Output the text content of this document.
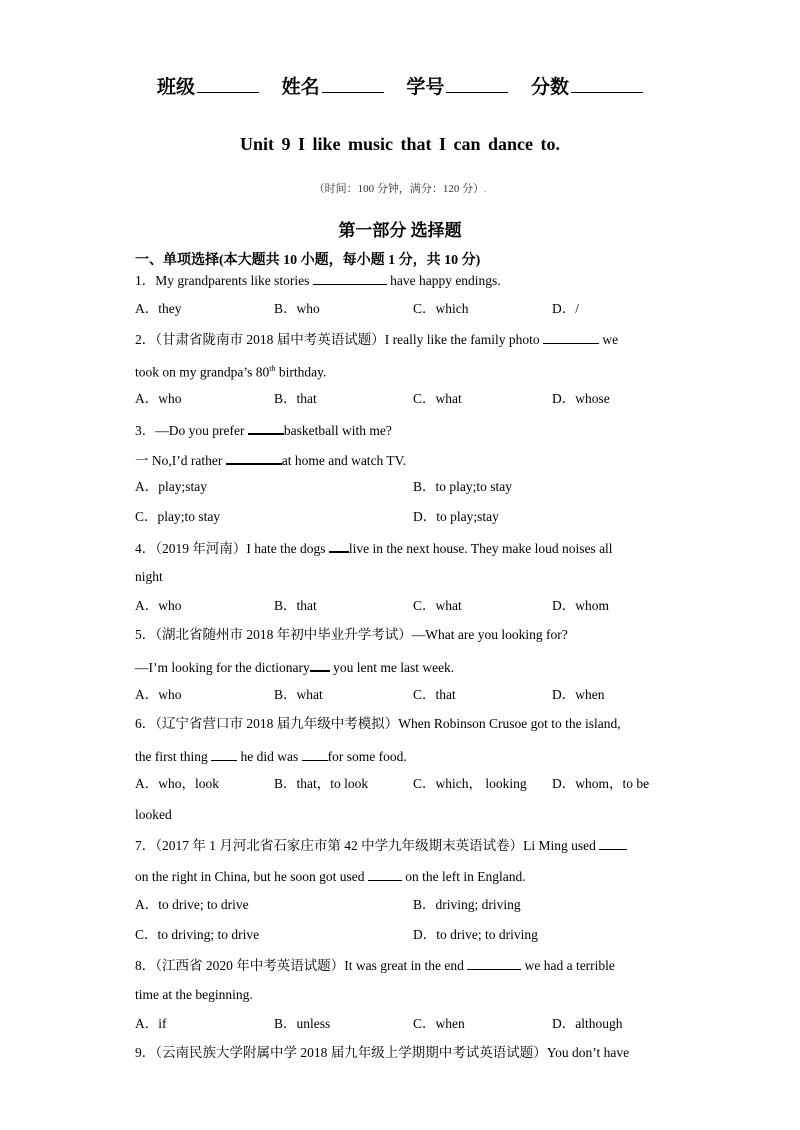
班级	姓名	学号	分数
Unit 9 I like music that I can dance to.
（时间：100 分钟，满分：120 分）.
第一部分 选择题
一、单项选择(本大题共 10 小题，每小题 1 分，共 10 分)
1．My grandparents like stories	have happy endings.
A．they	B．who	C．which	D．/
2．（甘肃省陇南市 2018 届中考英语试题）I really like the family photo	we
took on my grandpa’s 80th birthday.
A．who	B．that	C．what	D．whose
3．—Do you prefer	basketball with me?
一 No,I’d rather	at home and watch TV.
A．play;stay	B．to play;to stay
C．play;to stay	D．to play;stay
4．（2019 年河南）I hate the dogs live in the next house. They make loud noises all
night
A．who	B．that	C．what	D．whom
5．（湖北省随州市 2018 年初中毕业升学考试）—What are you looking for?
—I’m looking for the dictionary you lent me last week.
A．who	B．what	C．that	D．when
6．（辽宁省营口市 2018 届九年级中考模拟）When Robinson Crusoe got to the island,
the first thing he did was for some food.
A．who，look	B．that，to look	C．which， looking D．whom，to be
looked
7．（2017 年 1 月河北省石家庄市第 42 中学九年级期末英语试卷）Li Ming used
on the right in China, but he soon got used	on the left in England.
A．to drive; to drive	B．driving; driving
C．to driving; to drive	D．to drive; to driving
8．（江西省 2020 年中考英语试题）It was great in the end	we had a terrible
time at the beginning.
A．if	B．unless	C．when	D．although
9．（云南民族大学附属中学 2018 届九年级上学期期中考试英语试题）You don’t have
